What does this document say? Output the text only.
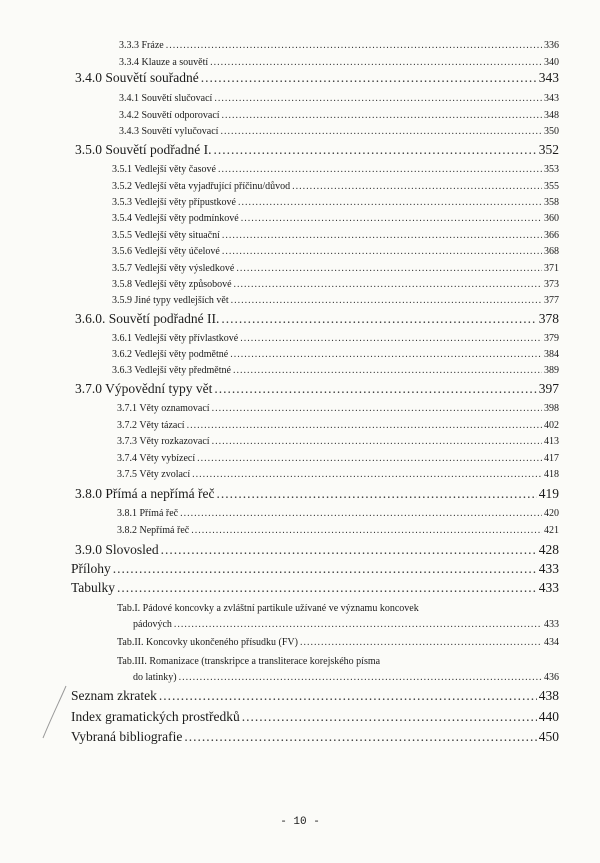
3.3.3 Fráze .....	336
3.3.4 Klauze a souvětí .....	340
3.4.0 Souvětí souřadné .....	343
3.4.1 Souvětí slučovací .....	343
3.4.2 Souvětí odporovací .....	348
3.4.3 Souvětí vylučovací .....	350
3.5.0 Souvětí podřadné I. .....	352
3.5.1 Vedlejší věty časové .....	353
3.5.2 Vedlejší věta vyjadřující příčinu/důvod .....	355
3.5.3 Vedlejší věty přípustkové .....	358
3.5.4 Vedlejší věty podmínkové .....	360
3.5.5 Vedlejší věty situační .....	366
3.5.6 Vedlejší věty účelové .....	368
3.5.7 Vedlejší věty výsledkové .....	371
3.5.8 Vedlejší věty způsobové .....	373
3.5.9 Jiné typy vedlejších vět .....	377
3.6.0. Souvětí podřadné II. .....	378
3.6.1 Vedlejší věty přívlastkové .....	379
3.6.2 Vedlejší věty podmětné .....	384
3.6.3 Vedlejší věty předmětné .....	389
3.7.0 Výpovědní typy vět .....	397
3.7.1 Věty oznamovací .....	398
3.7.2 Věty tázací .....	402
3.7.3 Věty rozkazovací .....	413
3.7.4 Věty vybízecí .....	417
3.7.5 Věty zvolací .....	418
3.8.0 Přímá a nepřímá řeč .....	419
3.8.1 Přímá řeč .....	420
3.8.2 Nepřímá řeč .....	421
3.9.0 Slovosled .....	428
Přílohy .....	433
Tabulky .....	433
Tab.I. Pádové koncovky a zvláštní partikule užívané ve významu koncovek
pádových .....	433
Tab.II. Koncovky ukončeného přísudku (FV) .....	434
Tab.III. Romanizace (transkripce a transliterace korejského písma
do latinky) .....	436
Seznam zkratek .....	438
Index gramatických prostředků .....	440
Vybraná bibliografie .....	450
- 10 -
